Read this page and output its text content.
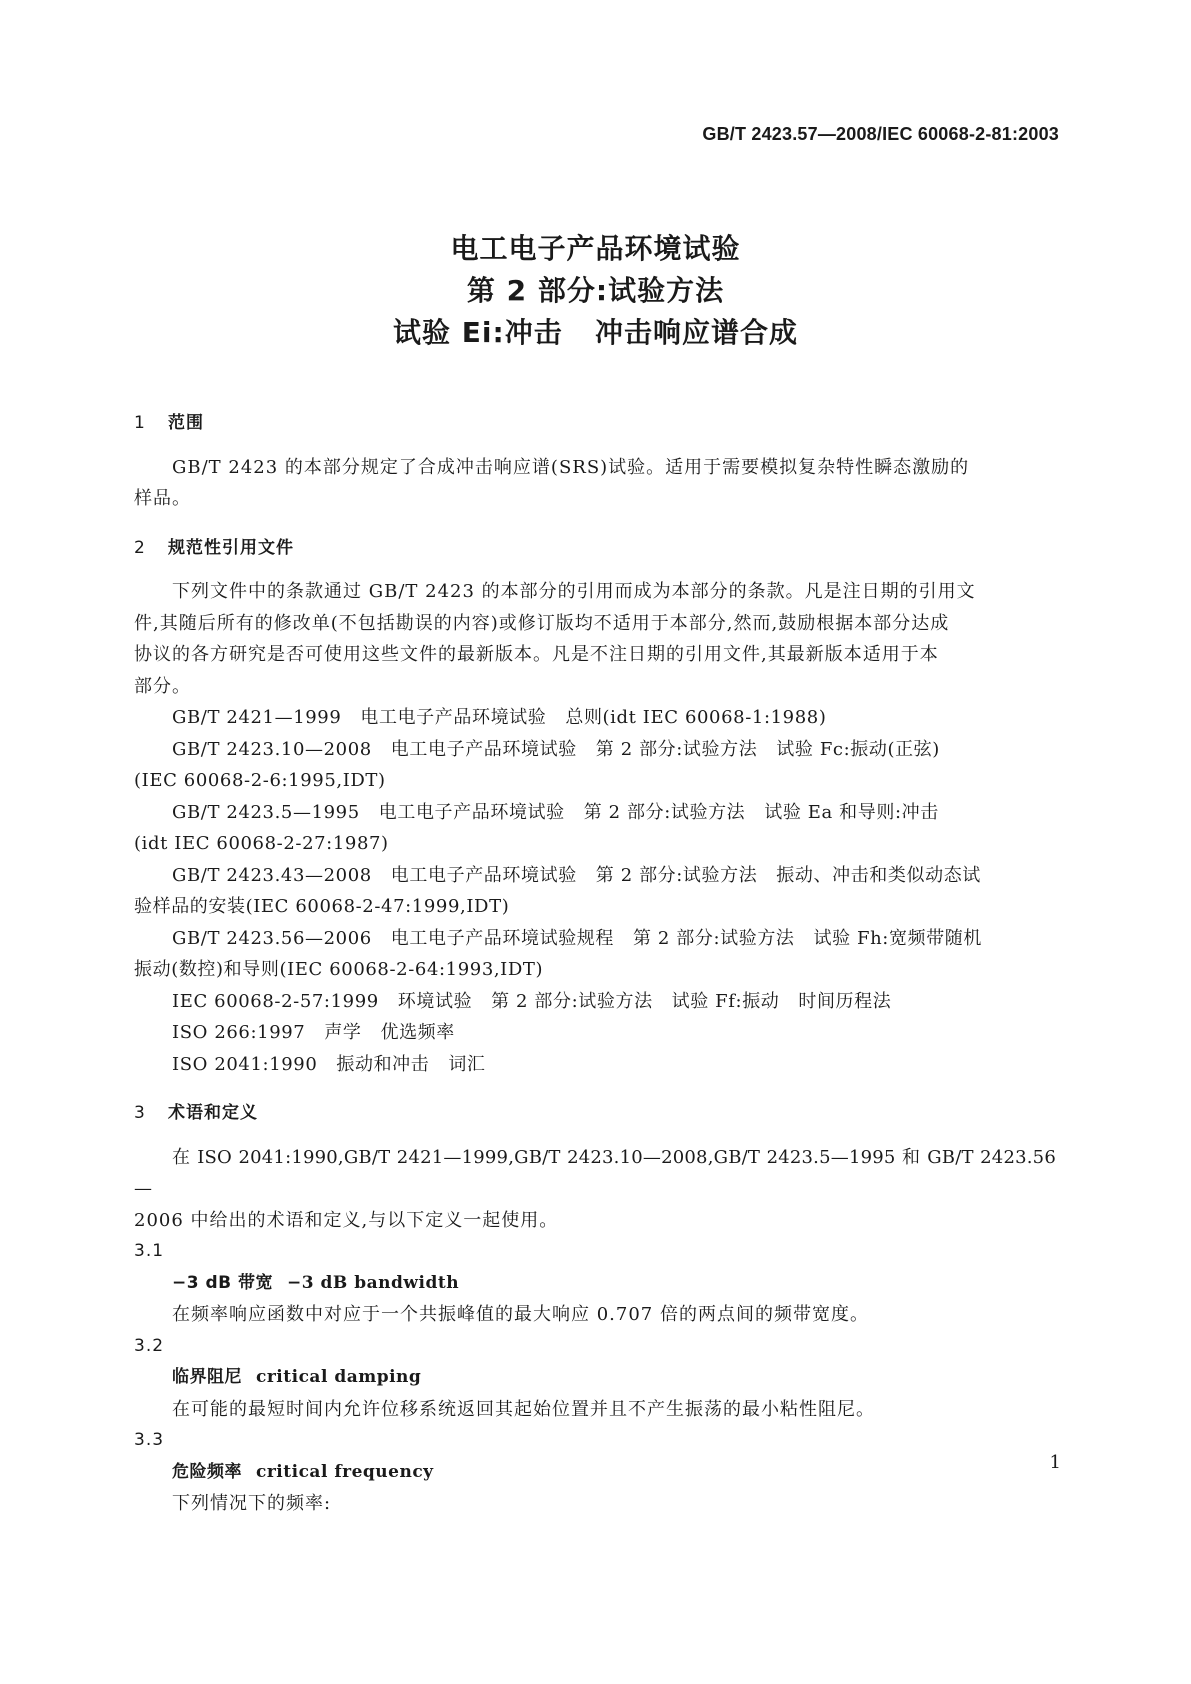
GB/T 2423.57—2008/IEC 60068-2-81:2003
电工电子产品环境试验
第 2 部分:试验方法
试验 Ei:冲击   冲击响应谱合成
1 范围
GB/T 2423 的本部分规定了合成冲击响应谱(SRS)试验。适用于需要模拟复杂特性瞬态激励的
样品。
2 规范性引用文件
下列文件中的条款通过 GB/T 2423 的本部分的引用而成为本部分的条款。凡是注日期的引用文
件,其随后所有的修改单(不包括勘误的内容)或修订版均不适用于本部分,然而,鼓励根据本部分达成
协议的各方研究是否可使用这些文件的最新版本。凡是不注日期的引用文件,其最新版本适用于本
部分。
GB/T 2421—1999   电工电子产品环境试验   总则(idt IEC 60068-1:1988)
GB/T 2423.10—2008   电工电子产品环境试验   第 2 部分:试验方法   试验 Fc:振动(正弦)
(IEC 60068-2-6:1995,IDT)
GB/T 2423.5—1995   电工电子产品环境试验   第 2 部分:试验方法   试验 Ea 和导则:冲击
(idt IEC 60068-2-27:1987)
GB/T 2423.43—2008   电工电子产品环境试验   第 2 部分:试验方法   振动、冲击和类似动态试
验样品的安装(IEC 60068-2-47:1999,IDT)
GB/T 2423.56—2006   电工电子产品环境试验规程   第 2 部分:试验方法   试验 Fh:宽频带随机
振动(数控)和导则(IEC 60068-2-64:1993,IDT)
IEC 60068-2-57:1999   环境试验   第 2 部分:试验方法   试验 Ff:振动   时间历程法
ISO 266:1997   声学   优选频率
ISO 2041:1990   振动和冲击   词汇
3 术语和定义
在 ISO 2041:1990,GB/T 2421—1999,GB/T 2423.10—2008,GB/T 2423.5—1995 和 GB/T 2423.56—
2006 中给出的术语和定义,与以下定义一起使用。
3.1
−3 dB 带宽 −3 dB bandwidth
在频率响应函数中对应于一个共振峰值的最大响应 0.707 倍的两点间的频带宽度。
3.2
临界阻尼 critical damping
在可能的最短时间内允许位移系统返回其起始位置并且不产生振荡的最小粘性阻尼。
3.3
危险频率 critical frequency
下列情况下的频率:
1
